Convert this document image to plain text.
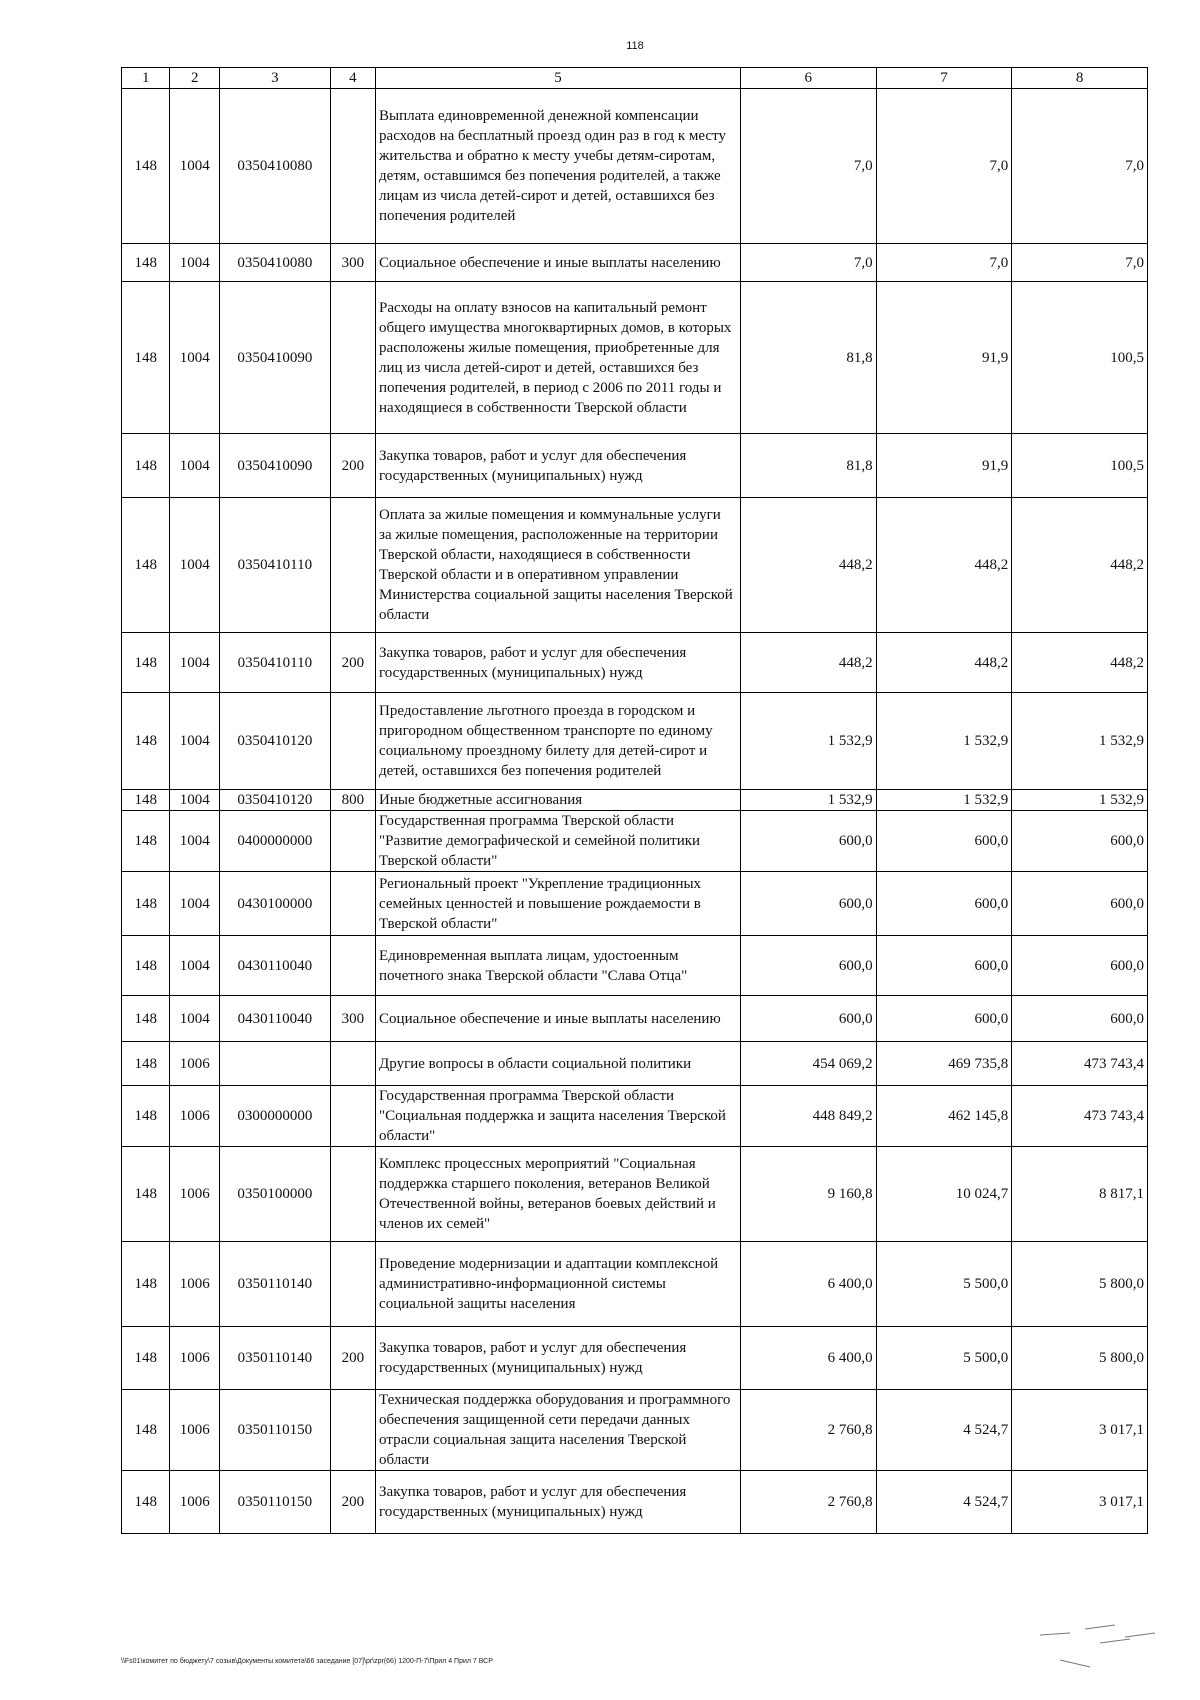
118
1	2	3	4	5	6	7	8
148	1004	0350410080		Выплата единовременной денежной компенсации расходов на бесплатный проезд один раз в год к месту жительства и обратно к месту учебы детям-сиротам, детям, оставшимся без попечения родителей, а также лицам из числа детей-сирот и детей, оставшихся без попечения родителей	7,0	7,0	7,0
148	1004	0350410080	300	Социальное обеспечение и иные выплаты населению	7,0	7,0	7,0
148	1004	0350410090		Расходы на оплату взносов на капитальный ремонт общего имущества многоквартирных домов, в которых расположены жилые помещения, приобретенные для лиц из числа детей-сирот и детей, оставшихся без попечения родителей, в период с 2006 по 2011 годы и находящиеся в собственности Тверской области	81,8	91,9	100,5
148	1004	0350410090	200	Закупка товаров, работ и услуг для обеспечения государственных (муниципальных) нужд	81,8	91,9	100,5
148	1004	0350410110		Оплата за жилые помещения и коммунальные услуги за жилые помещения, расположенные на территории Тверской области, находящиеся в собственности Тверской области и в оперативном управлении Министерства социальной защиты населения Тверской области	448,2	448,2	448,2
148	1004	0350410110	200	Закупка товаров, работ и услуг для обеспечения государственных (муниципальных) нужд	448,2	448,2	448,2
148	1004	0350410120		Предоставление льготного проезда в городском и пригородном общественном транспорте по единому социальному проездному билету для детей-сирот и детей, оставшихся без попечения родителей	1 532,9	1 532,9	1 532,9
148	1004	0350410120	800	Иные бюджетные ассигнования	1 532,9	1 532,9	1 532,9
148	1004	0400000000		Государственная программа Тверской области "Развитие демографической и семейной политики Тверской области"	600,0	600,0	600,0
148	1004	0430100000		Региональный проект "Укрепление традиционных семейных ценностей и повышение рождаемости в Тверской области"	600,0	600,0	600,0
148	1004	0430110040		Единовременная выплата лицам, удостоенным почетного знака Тверской области "Слава Отца"	600,0	600,0	600,0
148	1004	0430110040	300	Социальное обеспечение и иные выплаты населению	600,0	600,0	600,0
148	1006			Другие вопросы в области социальной политики	454 069,2	469 735,8	473 743,4
148	1006	0300000000		Государственная программа Тверской области "Социальная поддержка и защита населения Тверской области"	448 849,2	462 145,8	473 743,4
148	1006	0350100000		Комплекс процессных мероприятий "Социальная поддержка старшего поколения, ветеранов Великой Отечественной войны, ветеранов боевых действий и членов их семей"	9 160,8	10 024,7	8 817,1
148	1006	0350110140		Проведение модернизации и адаптации комплексной административно-информационной системы социальной защиты населения	6 400,0	5 500,0	5 800,0
148	1006	0350110140	200	Закупка товаров, работ и услуг для обеспечения государственных (муниципальных) нужд	6 400,0	5 500,0	5 800,0
148	1006	0350110150		Техническая поддержка оборудования и программного обеспечения защищенной сети передачи данных отрасли социальная защита населения Тверской области	2 760,8	4 524,7	3 017,1
148	1006	0350110150	200	Закупка товаров, работ и услуг для обеспечения государственных (муниципальных) нужд	2 760,8	4 524,7	3 017,1
\\Fs01\комитет по бюджету\7 созыв\Документы комитета\66 заседание [07]\pr\zpr(66) 1200-П-7\Прил 4 Прил 7 ВСР
